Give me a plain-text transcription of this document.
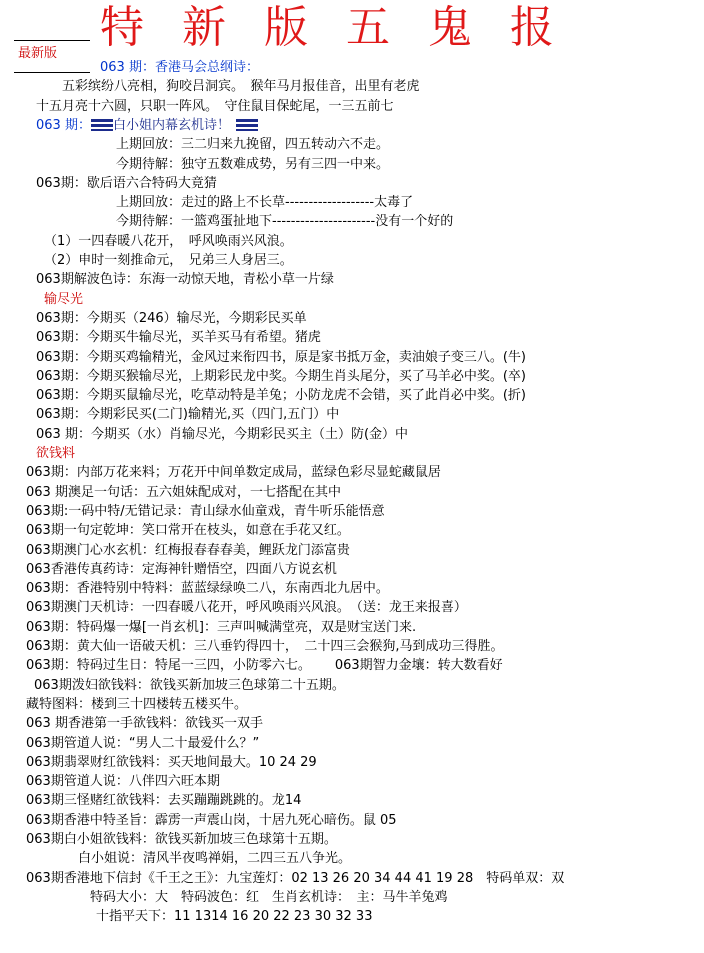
特 新 版 五 鬼 报
最新版
063 期：香港马会总纲诗：
五彩缤纷八亮相，狗咬吕洞宾。　猴年马月报佳音，出里有老虎
十五月亮十六圆，只职一阵风。　守住鼠目保蛇尾，一三五前七
063 期： 白小姐内幕玄机诗！
上期回放：三二归来九挽留，四五转动六不走。
今期待解：独守五数难成势，另有三四一中来。
063期：歇后语六合特码大竟猜
上期回放：走过的路上不长草-------------------太毒了
今期待解：一篮鸡蛋扯地下----------------------没有一个好的
（1）一四春暖八花开，　呼风唤雨兴风浪。
（2）申时一刻推命元，　兄弟三人身居三。
063期解波色诗：东海一动惊天地，青松小草一片绿
输尽光
063期：今期买（246）输尽光，今期彩民买单
063期：今期买牛输尽光，买羊买马有希望。猪虎
063期：今期买鸡输精光，金风过来衔四书，原是家书抵万金，卖油娘子变三八。(牛)
063期：今期买猴输尽光，上期彩民龙中奖。今期生肖头尾分，买了马羊必中奖。(卒)
063期：今期买鼠输尽光，吃草动特是羊兔；小防龙虎不会错，买了此肖必中奖。(折)
063期：今期彩民买(二门)输精光,买（四门,五门）中
063 期：今期买（水）肖输尽光，今期彩民买主（土）防(金）中
欲钱料
063期：内部万花来料；万花开中间单数定成局，蓝绿色彩尽显蛇藏鼠居
063 期澳足一句话：五六姐妹配成对，一七搭配在其中
063期:一码中特/无错记录：青山绿水仙童戏，青牛听乐能悟意
063期一句定乾坤：笑口常开在枝头，如意在手花又红。
063期澳门心水玄机：红梅报春春春美，鲤跃龙门添富贵
063香港传真药诗：定海神针赠悟空，四面八方说玄机
063期：香港特别中特料：蓝蓝绿绿唤二八，东南西北九居中。
063期澳门天机诗：一四春暖八花开，呼风唤雨兴风浪。　（送：龙王来报喜）
063期：特码爆一爆[一肖玄机]：三声叫喊满堂亮，双是财宝送门来.
063期：黄大仙一语破天机：三八垂钓得四十，　二十四三会猴狗,马到成功三得胜。
063期：特码过生日：特尾一三四，小防零六七。 063期智力金壤：转大数看好
063期泼妇欲钱料：欲钱买新加坡三色球第二十五期。
藏特图料：楼到三十四楼转五楼买牛。
063 期香港第一手欲钱料：欲钱买一双手
063期管道人说：“男人二十最爱什么？”
063期翡翠财红欲钱料：买天地间最大。10 24 29
063期管道人说：八伴四六旺本期
063期三怪赌红欲钱料：去买蹦蹦跳跳的。龙14
063期香港中特圣旨：霹雳一声震山岗，十居九死心暗伤。鼠 05
063期白小姐欲钱料：欲钱买新加坡三色球第十五期。
白小姐说：清风半夜鸣禅娟，二四三五八争光。
063期香港地下信封《千王之王》：九宝莲灯：02 13 26 20 34 44 41 19 28　特码单双：双
特码大小：大　特码波色：红　生肖玄机诗：　主：马牛羊兔鸡
十指平天下：11 1314 16 20 22 23 30 32 33
